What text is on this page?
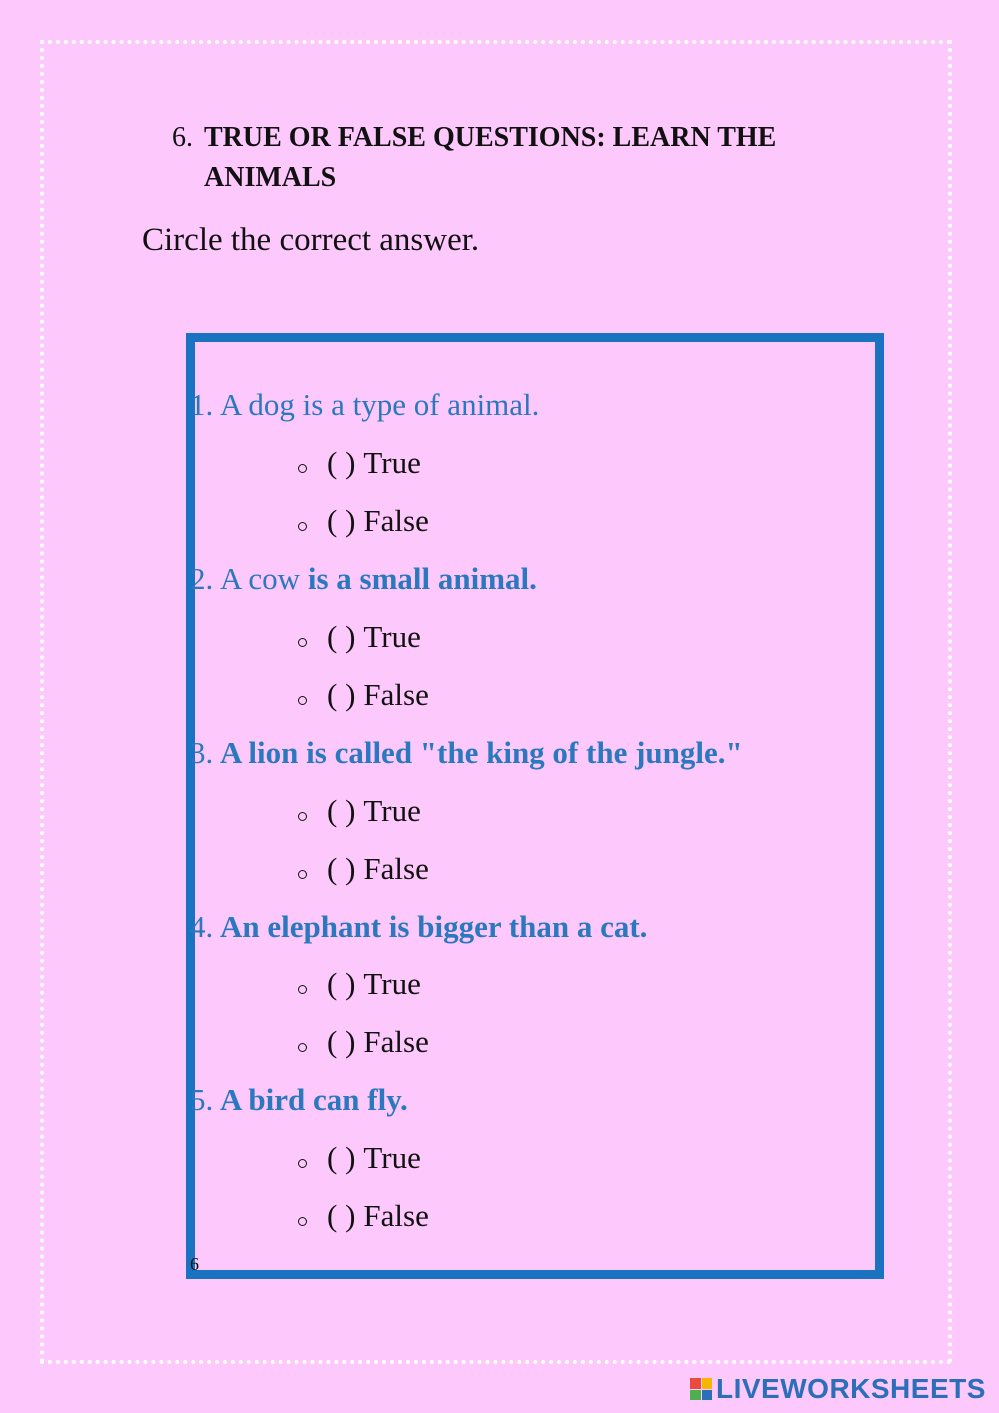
6. TRUE OR FALSE QUESTIONS: LEARN THE ANIMALS
Circle the correct answer.
1. A dog is a type of animal.
( ) True
( ) False
2. A cow is a small animal.
( ) True
( ) False
3. A lion is called "the king of the jungle."
( ) True
( ) False
4. An elephant is bigger than a cat.
( ) True
( ) False
5. A bird can fly.
( ) True
( ) False
6
LIVEWORKSHEETS
